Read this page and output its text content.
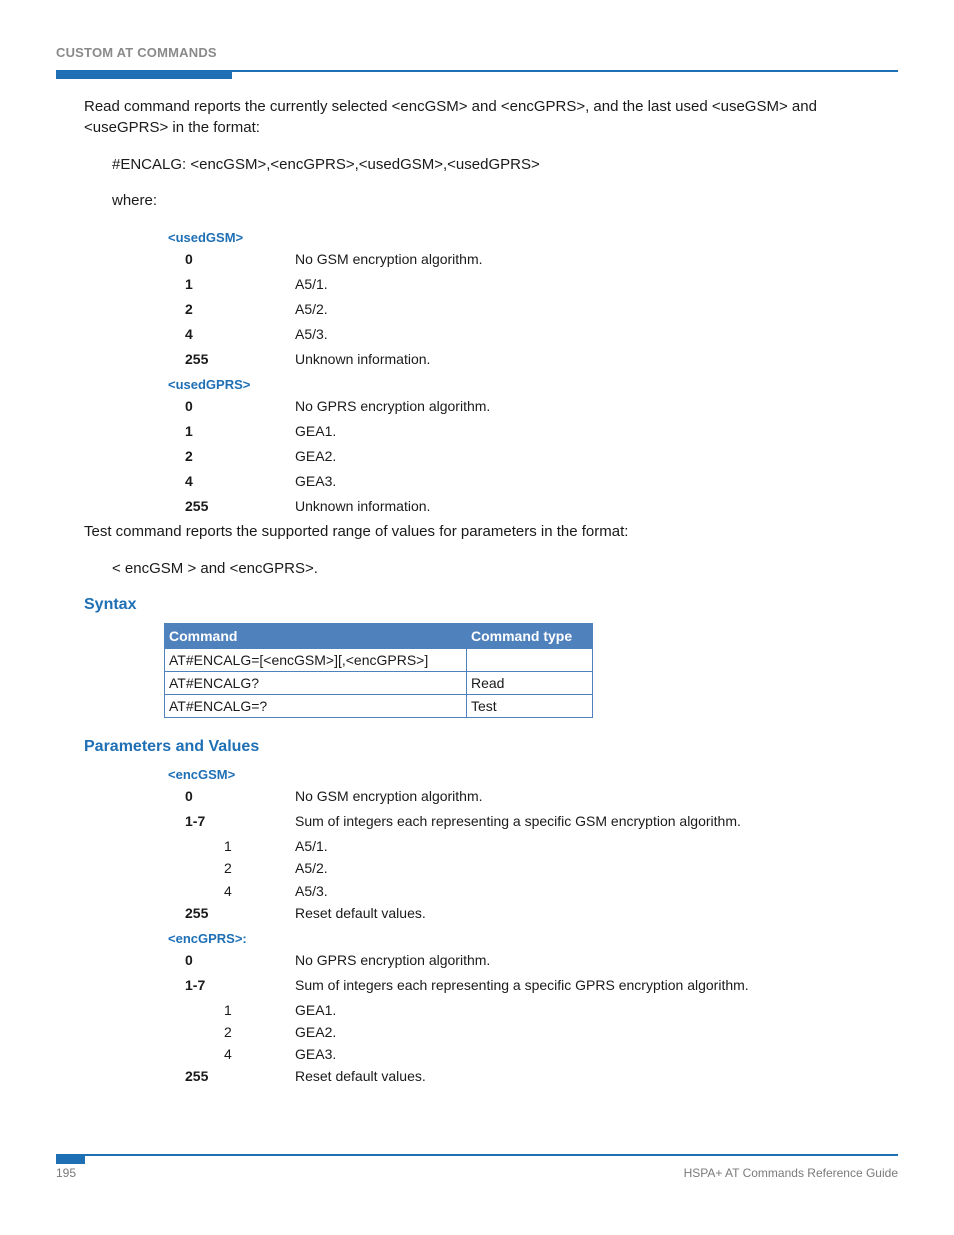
CUSTOM AT COMMANDS
Read command reports the currently selected <encGSM> and <encGPRS>, and the last used <useGSM> and
<useGPRS> in the format:
#ENCALG: <encGSM>,<encGPRS>,<usedGSM>,<usedGPRS>
where:
<usedGSM>
0	No GSM encryption algorithm.
1	A5/1.
2	A5/2.
4	A5/3.
255	Unknown information.
<usedGPRS>
0	No GPRS encryption algorithm.
1	GEA1.
2	GEA2.
4	GEA3.
255	Unknown information.
Test command reports the supported range of values for parameters in the format:
< encGSM > and <encGPRS>.
Syntax
Command	Command type
AT#ENCALG=[<encGSM>][,<encGPRS>]	
AT#ENCALG?	Read
AT#ENCALG=?	Test
Parameters and Values
<encGSM>
0	No GSM encryption algorithm.
1-7	Sum of integers each representing a specific GSM encryption algorithm.
1	A5/1.
2	A5/2.
4	A5/3.
255	Reset default values.
<encGPRS>:
0	No GPRS encryption algorithm.
1-7	Sum of integers each representing a specific GPRS encryption algorithm.
1	GEA1.
2	GEA2.
4	GEA3.
255	Reset default values.
195	HSPA+ AT Commands Reference Guide
